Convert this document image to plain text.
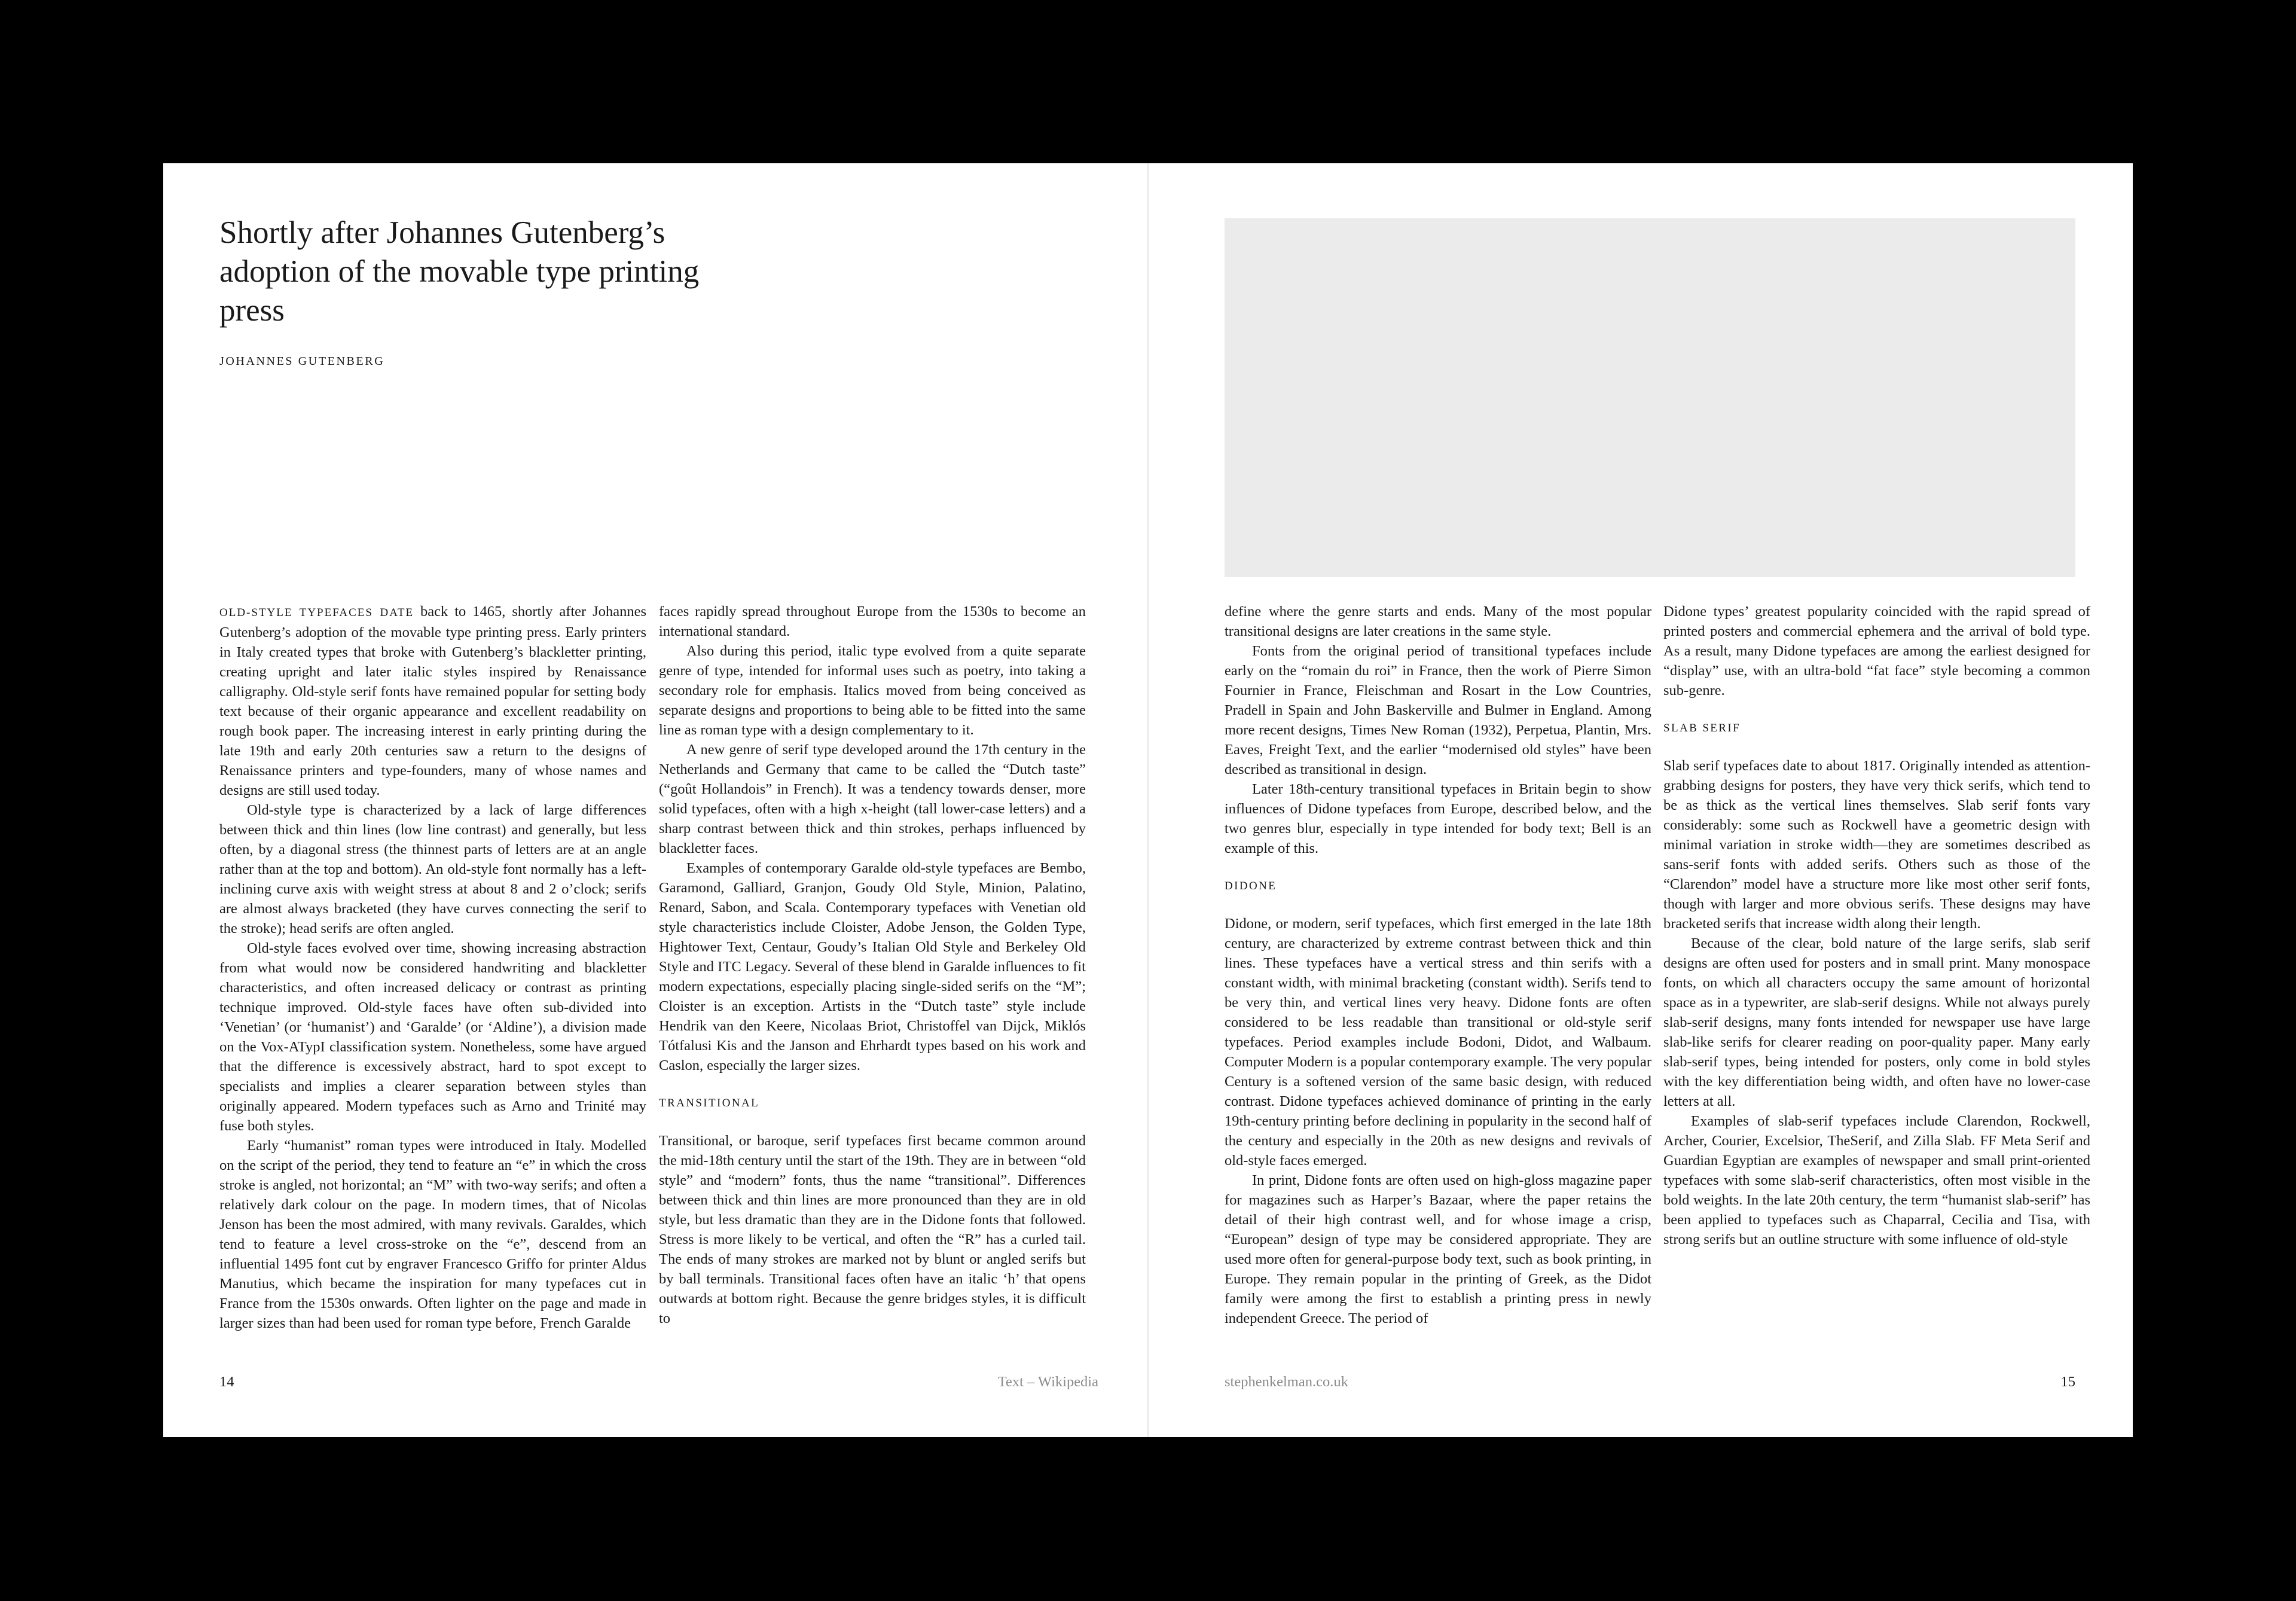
Shortly after Johannes Gutenberg’s adoption of the movable type printing press
JOHANNES GUTENBERG

OLD-STYLE TYPEFACES DATE back to 1465, shortly after Johannes Gutenberg’s adoption of the movable type printing press. Early printers in Italy created types that broke with Gutenberg’s blackletter printing, creating upright and later italic styles inspired by Renaissance calligraphy. Old-style serif fonts have remained popular for setting body text because of their organic appearance and excellent readability on rough book paper. The increasing interest in early printing during the late 19th and early 20th centuries saw a return to the designs of Renaissance printers and type-founders, many of whose names and designs are still used today.

Old-style type is characterized by a lack of large differences between thick and thin lines (low line contrast) and generally, but less often, by a diagonal stress (the thinnest parts of letters are at an angle rather than at the top and bottom). An old-style font normally has a left-inclining curve axis with weight stress at about 8 and 2 o’clock; serifs are almost always bracketed (they have curves connecting the serif to the stroke); head serifs are often angled.

Old-style faces evolved over time, showing increasing abstraction from what would now be considered handwriting and blackletter characteristics, and often increased delicacy or contrast as printing technique improved. Old-style faces have often sub-divided into ‘Venetian’ (or ‘humanist’) and ‘Garalde’ (or ‘Aldine’), a division made on the Vox-ATypI classification system. Nonetheless, some have argued that the difference is excessively abstract, hard to spot except to specialists and implies a clearer separation between styles than originally appeared. Modern typefaces such as Arno and Trinité may fuse both styles.

Early “humanist” roman types were introduced in Italy. Modelled on the script of the period, they tend to feature an “e” in which the cross stroke is angled, not horizontal; an “M” with two-way serifs; and often a relatively dark colour on the page. In modern times, that of Nicolas Jenson has been the most admired, with many revivals. Garaldes, which tend to feature a level cross-stroke on the “e”, descend from an influential 1495 font cut by engraver Francesco Griffo for printer Aldus Manutius, which became the inspiration for many typefaces cut in France from the 1530s onwards. Often lighter on the page and made in larger sizes than had been used for roman type before, French Garalde

faces rapidly spread throughout Europe from the 1530s to become an international standard.

Also during this period, italic type evolved from a quite separate genre of type, intended for informal uses such as poetry, into taking a secondary role for emphasis. Italics moved from being conceived as separate designs and proportions to being able to be fitted into the same line as roman type with a design complementary to it.

A new genre of serif type developed around the 17th century in the Netherlands and Germany that came to be called the “Dutch taste” (“goût Hollandois” in French). It was a tendency towards denser, more solid typefaces, often with a high x-height (tall lower-case letters) and a sharp contrast between thick and thin strokes, perhaps influenced by blackletter faces.

Examples of contemporary Garalde old-style typefaces are Bembo, Garamond, Galliard, Granjon, Goudy Old Style, Minion, Palatino, Renard, Sabon, and Scala. Contemporary typefaces with Venetian old style characteristics include Cloister, Adobe Jenson, the Golden Type, Hightower Text, Centaur, Goudy’s Italian Old Style and Berkeley Old Style and ITC Legacy. Several of these blend in Garalde influences to fit modern expectations, especially placing single-sided serifs on the “M”; Cloister is an exception. Artists in the “Dutch taste” style include Hendrik van den Keere, Nicolaas Briot, Christoffel van Dijck, Miklós Tótfalusi Kis and the Janson and Ehrhardt types based on his work and Caslon, especially the larger sizes.

TRANSITIONAL

Transitional, or baroque, serif typefaces first became common around the mid-18th century until the start of the 19th. They are in between “old style” and “modern” fonts, thus the name “transitional”. Differences between thick and thin lines are more pronounced than they are in old style, but less dramatic than they are in the Didone fonts that followed. Stress is more likely to be vertical, and often the “R” has a curled tail. The ends of many strokes are marked not by blunt or angled serifs but by ball terminals. Transitional faces often have an italic ‘h’ that opens outwards at bottom right. Because the genre bridges styles, it is difficult to

14	Text – Wikipedia

define where the genre starts and ends. Many of the most popular transitional designs are later creations in the same style.

Fonts from the original period of transitional typefaces include early on the “romain du roi” in France, then the work of Pierre Simon Fournier in France, Fleischman and Rosart in the Low Countries, Pradell in Spain and John Baskerville and Bulmer in England. Among more recent designs, Times New Roman (1932), Perpetua, Plantin, Mrs. Eaves, Freight Text, and the earlier “modernised old styles” have been described as transitional in design.

Later 18th-century transitional typefaces in Britain begin to show influences of Didone typefaces from Europe, described below, and the two genres blur, especially in type intended for body text; Bell is an example of this.

DIDONE

Didone, or modern, serif typefaces, which first emerged in the late 18th century, are characterized by extreme contrast between thick and thin lines. These typefaces have a vertical stress and thin serifs with a constant width, with minimal bracketing (constant width). Serifs tend to be very thin, and vertical lines very heavy. Didone fonts are often considered to be less readable than transitional or old-style serif typefaces. Period examples include Bodoni, Didot, and Walbaum. Computer Modern is a popular contemporary example. The very popular Century is a softened version of the same basic design, with reduced contrast. Didone typefaces achieved dominance of printing in the early 19th-century printing before declining in popularity in the second half of the century and especially in the 20th as new designs and revivals of old-style faces emerged.

In print, Didone fonts are often used on high-gloss magazine paper for magazines such as Harper’s Bazaar, where the paper retains the detail of their high contrast well, and for whose image a crisp, “European” design of type may be considered appropriate. They are used more often for general-purpose body text, such as book printing, in Europe. They remain popular in the printing of Greek, as the Didot family were among the first to establish a printing press in newly independent Greece. The period of

Didone types’ greatest popularity coincided with the rapid spread of printed posters and commercial ephemera and the arrival of bold type. As a result, many Didone typefaces are among the earliest designed for “display” use, with an ultra-bold “fat face” style becoming a common sub-genre.

SLAB SERIF

Slab serif typefaces date to about 1817. Originally intended as attention-grabbing designs for posters, they have very thick serifs, which tend to be as thick as the vertical lines themselves. Slab serif fonts vary considerably: some such as Rockwell have a geometric design with minimal variation in stroke width—they are sometimes described as sans-serif fonts with added serifs. Others such as those of the “Clarendon” model have a structure more like most other serif fonts, though with larger and more obvious serifs. These designs may have bracketed serifs that increase width along their length.

Because of the clear, bold nature of the large serifs, slab serif designs are often used for posters and in small print. Many monospace fonts, on which all characters occupy the same amount of horizontal space as in a typewriter, are slab-serif designs. While not always purely slab-serif designs, many fonts intended for newspaper use have large slab-like serifs for clearer reading on poor-quality paper. Many early slab-serif types, being intended for posters, only come in bold styles with the key differentiation being width, and often have no lower-case letters at all.

Examples of slab-serif typefaces include Clarendon, Rockwell, Archer, Courier, Excelsior, TheSerif, and Zilla Slab. FF Meta Serif and Guardian Egyptian are examples of newspaper and small print-oriented typefaces with some slab-serif characteristics, often most visible in the bold weights. In the late 20th century, the term “humanist slab-serif” has been applied to typefaces such as Chaparral, Cecilia and Tisa, with strong serifs but an outline structure with some influence of old-style

stephenkelman.co.uk	15
